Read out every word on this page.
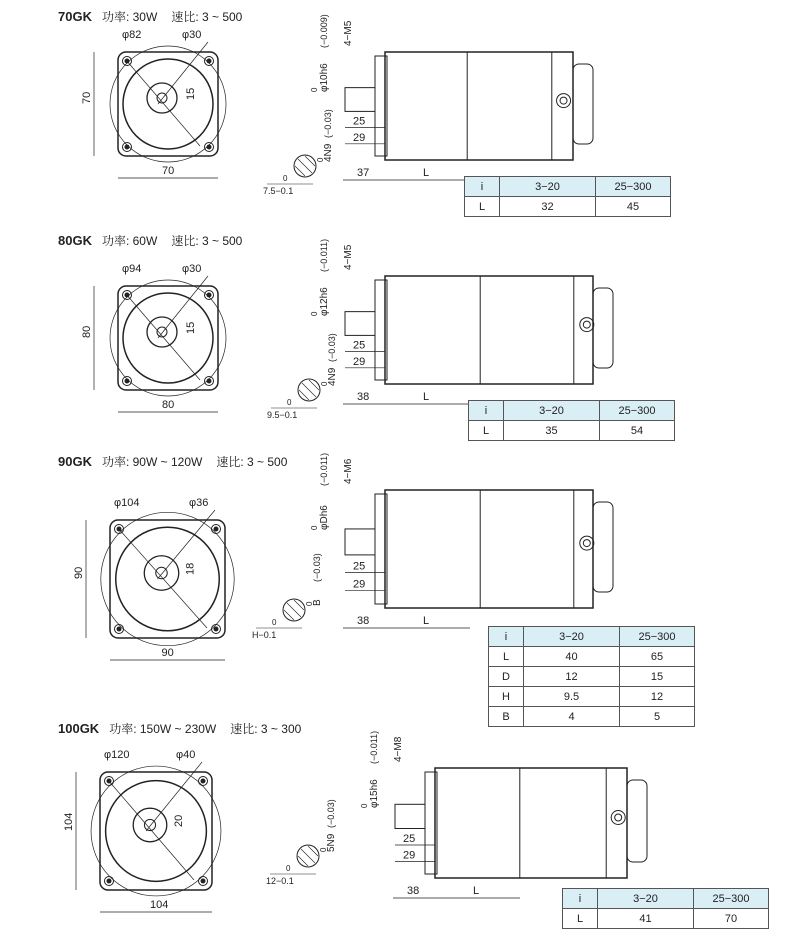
70
70
φ82	φ30
15
25
29
37	L
φ10h6
0
(−0.009) 4−M5
7.5−0.1
0
4N9
0
(−0.03)
80
80
φ94	φ30
15
25
29
38	L
φ12h6
0
(−0.011) 4−M5
9.5−0.1
0
4N9
0
(−0.03)
90
90
φ104	φ36
18	25
29
38	L
φDh6
0
(−0.011) 4−M6
H−0.1
0
B
0
(−0.03)
104
104
φ120	φ40
20
25
29
38	L
φ15h6
0
(−0.011) 4−M8
12−0.1
0
5N9
0
(−0.03)
70GK 功率: 30W 速比: 3 ~ 500
i	3−20	25−300
L	32	45
80GK 功率: 60W 速比: 3 ~ 500
i	3−20	25−300
L	35	54
90GK 功率: 90W ~ 120W 速比: 3 ~ 500
i	3−20	25−300
L	40	65
D	12	15
H	9.5	12
B	4	5
100GK 功率: 150W ~ 230W 速比: 3 ~ 300
i	3−20	25−300
L	41	70
